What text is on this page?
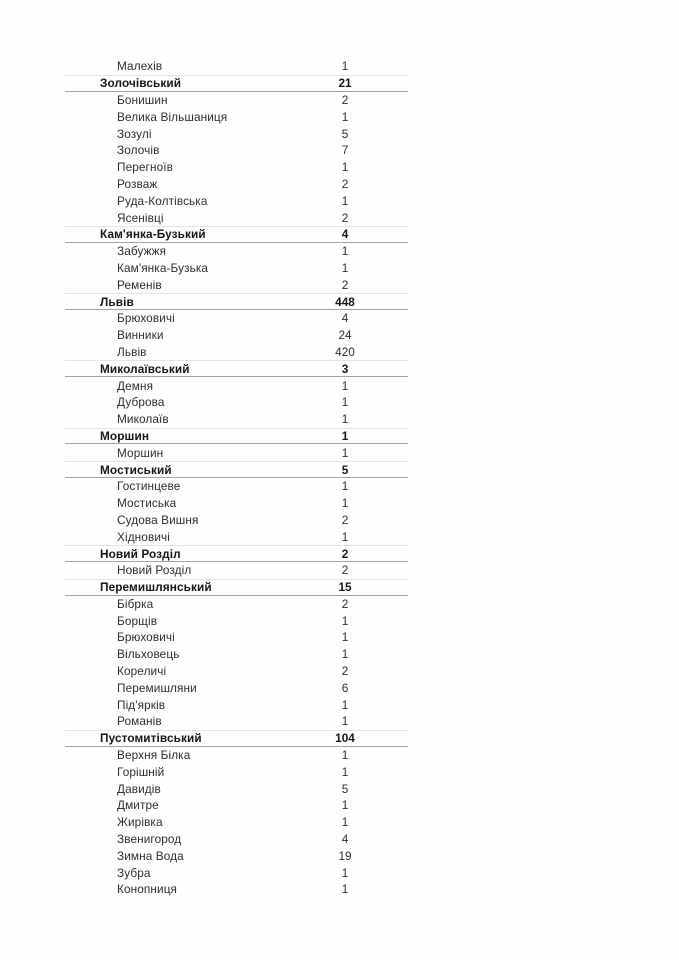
Малехів	1
Золочівський	21
Бонишин	2
Велика Вільшаниця	1
Зозулі	5
Золочів	7
Перегноїв	1
Розваж	2
Руда-Колтівська	1
Ясенівці	2
Кам'янка-Бузький	4
Забужжя	1
Кам'янка-Бузька	1
Ременів	2
Львів	448
Брюховичі	4
Винники	24
Львів	420
Миколаївський	3
Демня	1
Дуброва	1
Миколаїв	1
Моршин	1
Моршин	1
Мостиський	5
Гостинцеве	1
Мостиська	1
Судова Вишня	2
Хідновичі	1
Новий Розділ	2
Новий Розділ	2
Перемишлянський	15
Бібрка	2
Борщів	1
Брюховичі	1
Вільховець	1
Кореличі	2
Перемишляни	6
Під'ярків	1
Романів	1
Пустомитівський	104
Верхня Білка	1
Горішній	1
Давидів	5
Дмитре	1
Жирівка	1
Звенигород	4
Зимна Вода	19
Зубра	1
Конопниця	1
